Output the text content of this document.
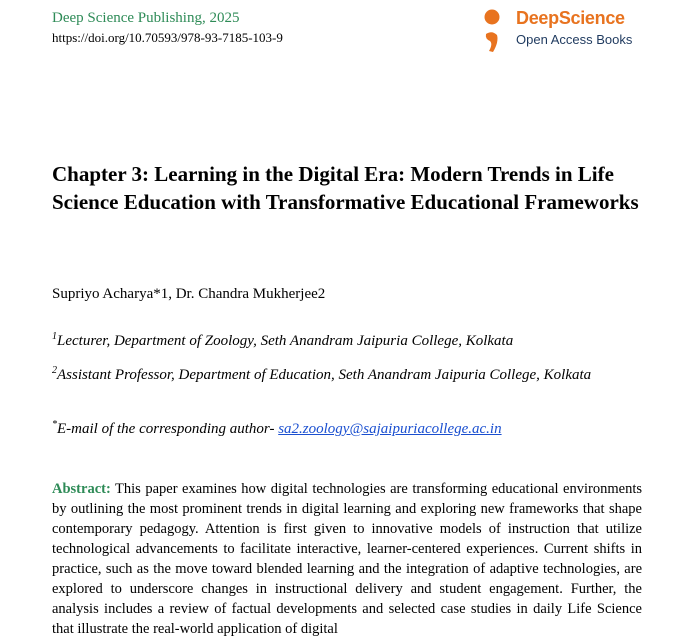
Deep Science Publishing, 2025
https://doi.org/10.70593/978-93-7185-103-9
DeepScience
Open Access Books
Chapter 3: Learning in the Digital Era: Modern Trends in Life Science Education with Transformative Educational Frameworks
Supriyo Acharya*1, Dr. Chandra Mukherjee2
$^1$Lecturer, Department of Zoology, Seth Anandram Jaipuria College, Kolkata
$^2$Assistant Professor, Department of Education, Seth Anandram Jaipuria College, Kolkata
*E-mail of the corresponding author- sa2.zoology@sajaipuriacollege.ac.in

Abstract: This paper examines how digital technologies are transforming educational environments by outlining the most prominent trends in digital learning and exploring new frameworks that shape contemporary pedagogy. Attention is first given to innovative models of instruction that utilize technological advancements to facilitate interactive, learner-centered experiences. Current shifts in practice, such as the move toward blended learning and the integration of adaptive technologies, are explored to underscore changes in instructional delivery and student engagement. Further, the analysis includes a review of factual developments and selected case studies in daily Life Science that illustrate the real-world application of digital
